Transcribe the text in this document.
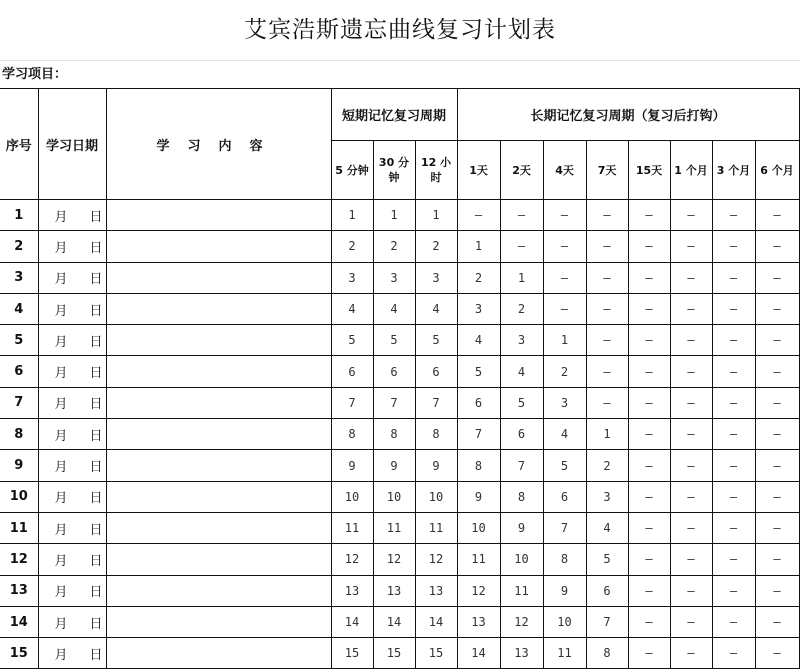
艾宾浩斯遗忘曲线复习计划表
学习项目：
序号	学习日期	学习内容	短期记忆复习周期			长期记忆复习周期（复习后打钩）							
			5 分钟	30 分钟	12 小时	1天	2天	4天	7天	15天	1 个月	3 个月	6 个月
1	月 日		1	1	1	–	–	–	–	–	–	–	–
2	月 日		2	2	2	1	–	–	–	–	–	–	–
3	月 日		3	3	3	2	1	–	–	–	–	–	–
4	月 日		4	4	4	3	2	–	–	–	–	–	–
5	月 日		5	5	5	4	3	1	–	–	–	–	–
6	月 日		6	6	6	5	4	2	–	–	–	–	–
7	月 日		7	7	7	6	5	3	–	–	–	–	–
8	月 日		8	8	8	7	6	4	1	–	–	–	–
9	月 日		9	9	9	8	7	5	2	–	–	–	–
10	月 日		10	10	10	9	8	6	3	–	–	–	–
11	月 日		11	11	11	10	9	7	4	–	–	–	–
12	月 日		12	12	12	11	10	8	5	–	–	–	–
13	月 日		13	13	13	12	11	9	6	–	–	–	–
14	月 日		14	14	14	13	12	10	7	–	–	–	–
15	月 日		15	15	15	14	13	11	8	–	–	–	–
